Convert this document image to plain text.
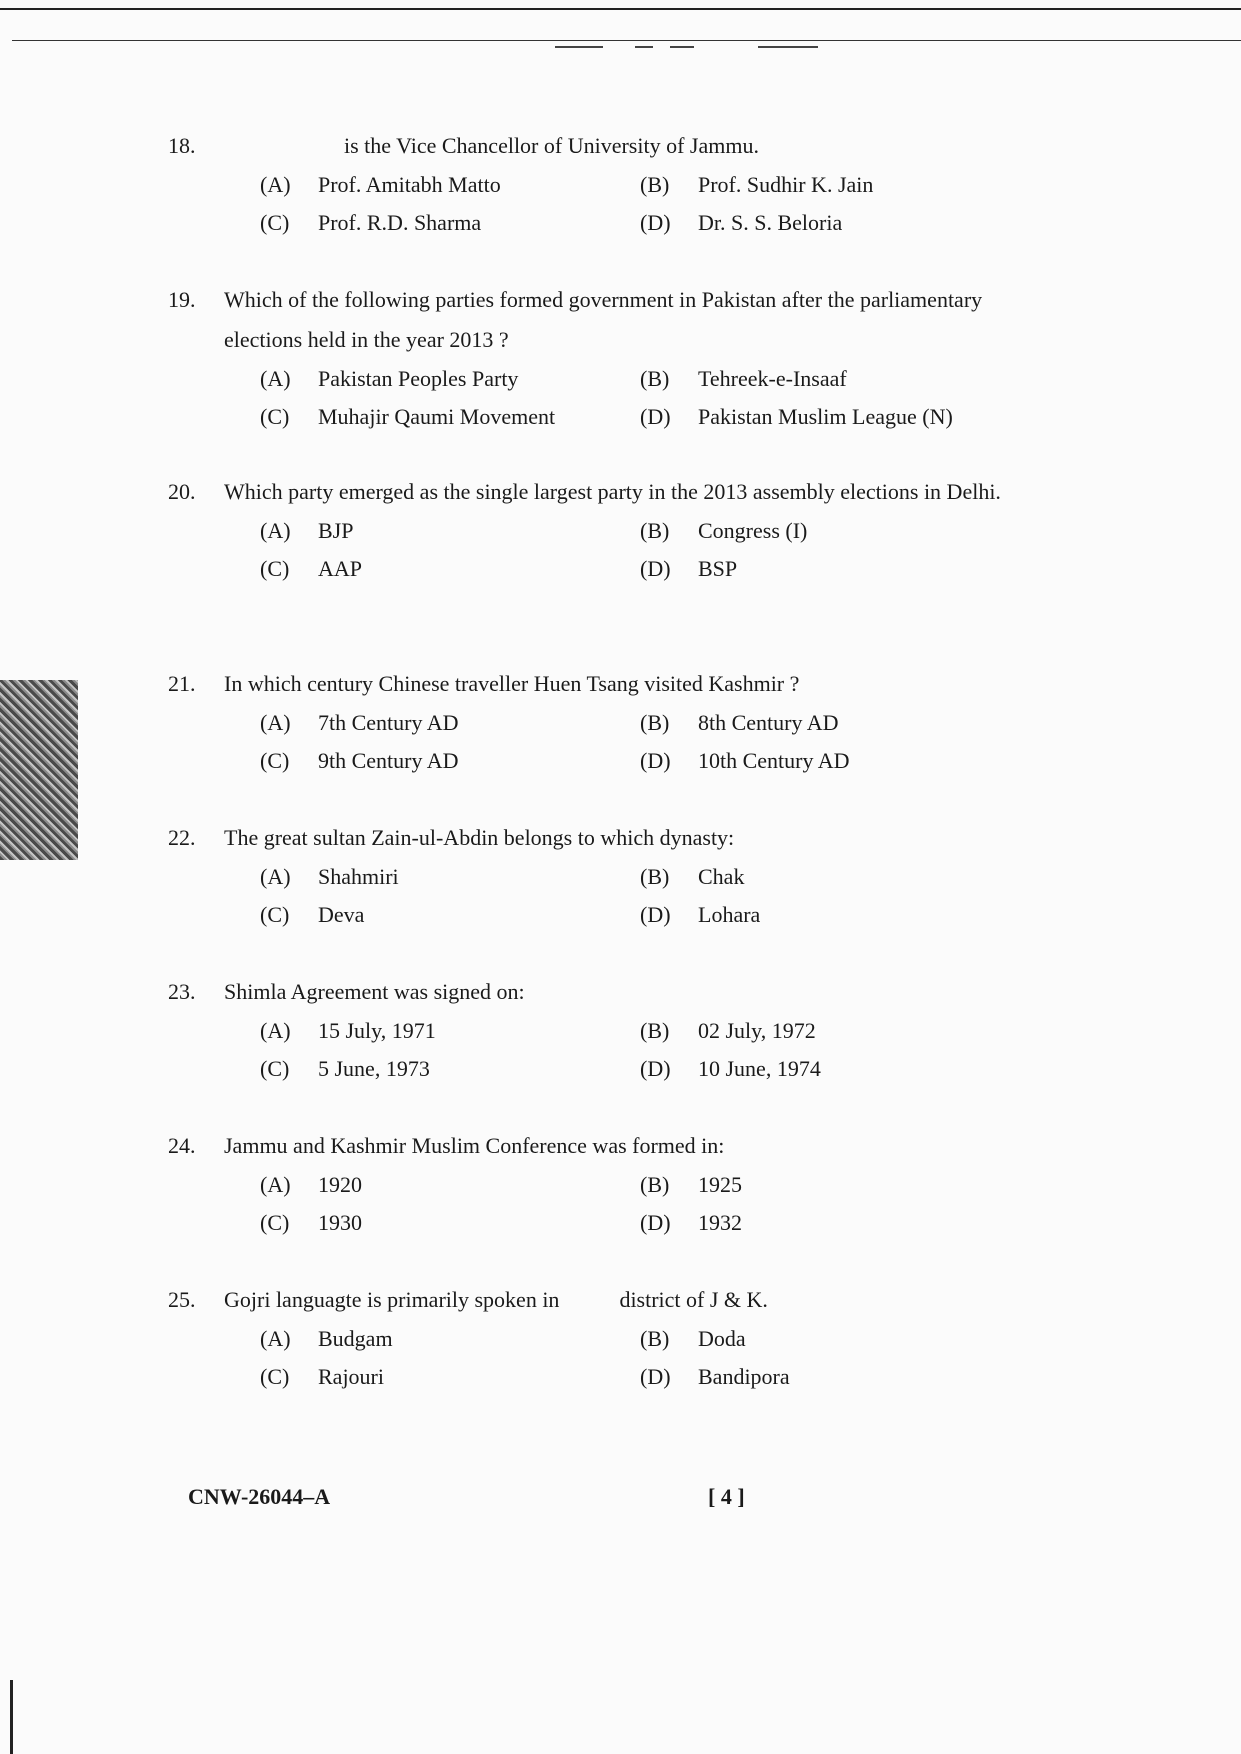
18.	is the Vice Chancellor of University of Jammu.
(A)	Prof. Amitabh Matto	(B)	Prof. Sudhir K. Jain
(C)	Prof. R.D. Sharma	(D)	Dr. S. S. Beloria
19.	Which of the following parties formed government in Pakistan after the parliamentary elections held in the year 2013 ?
(A)	Pakistan Peoples Party	(B)	Tehreek-e-Insaaf
(C)	Muhajir Qaumi Movement	(D)	Pakistan Muslim League (N)
20.	Which party emerged as the single largest party in the 2013 assembly elections in Delhi.
(A)	BJP	(B)	Congress (I)
(C)	AAP	(D)	BSP
21.	In which century Chinese traveller Huen Tsang visited Kashmir ?
(A)	7th Century AD	(B)	8th Century AD
(C)	9th Century AD	(D)	10th Century AD
22.	The great sultan Zain-ul-Abdin belongs to which dynasty:
(A)	Shahmiri	(B)	Chak
(C)	Deva	(D)	Lohara
23.	Shimla Agreement was signed on:
(A)	15 July, 1971	(B)	02 July, 1972
(C)	5 June, 1973	(D)	10 June, 1974
24.	Jammu and Kashmir Muslim Conference was formed in:
(A)	1920	(B)	1925
(C)	1930	(D)	1932
25.	Gojri languagte is primarily spoken in	district of J & K.
(A)	Budgam	(B)	Doda
(C)	Rajouri	(D)	Bandipora
CNW-26044–A	[ 4 ]
